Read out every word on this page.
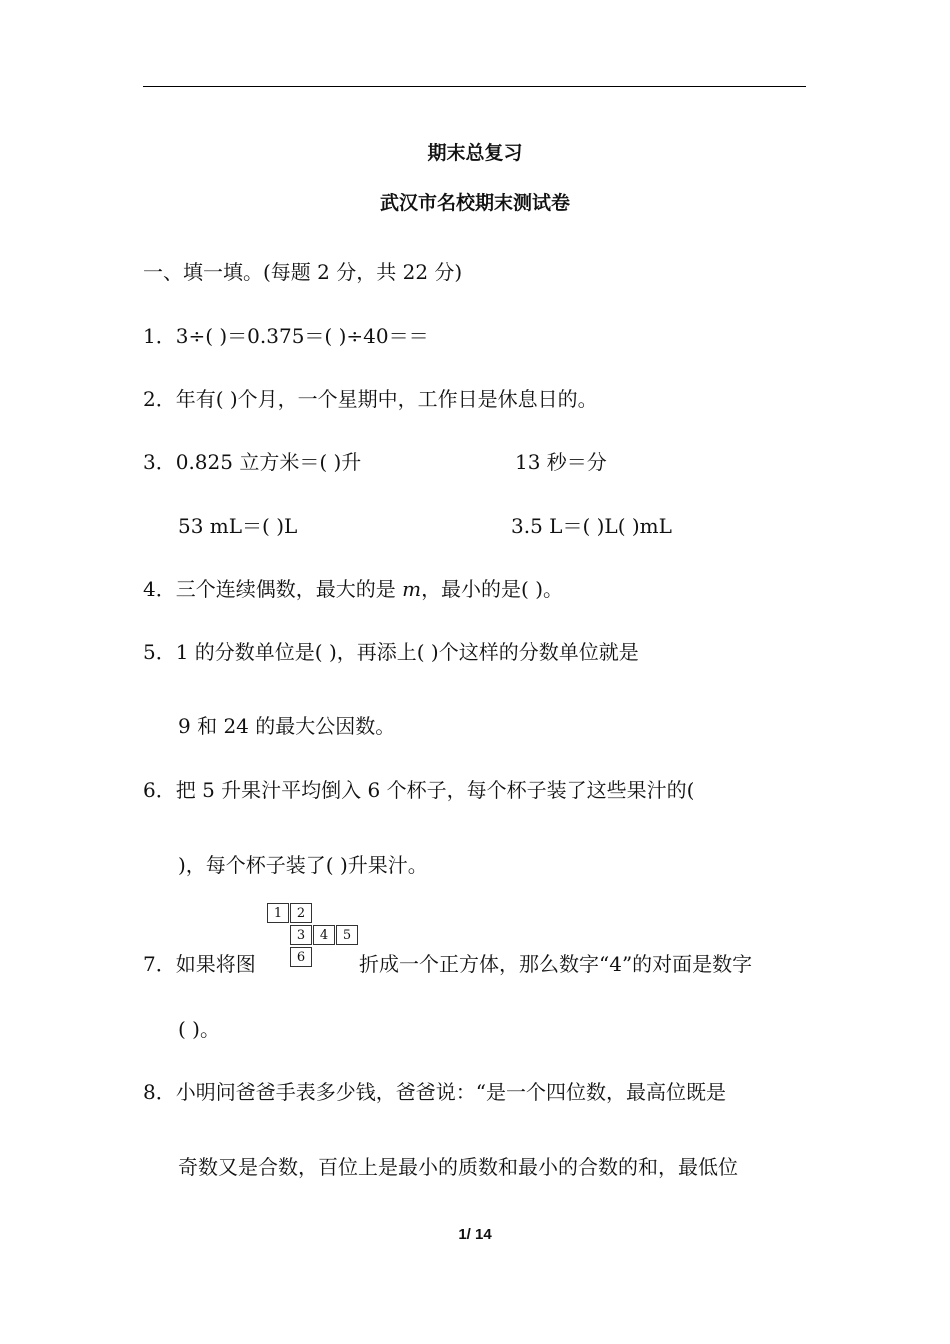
期末总复习
武汉市名校期末测试卷
一、填一填。(每题 2 分，共 22 分)
1．3÷( )＝0.375＝( )÷40＝＝
2．年有( )个月，一个星期中，工作日是休息日的。
3．0.825 立方米＝( )升	13 秒＝分
53 mL＝( )L	3.5 L＝( )L( )mL
4．三个连续偶数，最大的是 m，最小的是( )。
5．1 的分数单位是( )，再添上( )个这样的分数单位就是
9 和 24 的最大公因数。
6．把 5 升果汁平均倒入 6 个杯子，每个杯子装了这些果汁的(
)，每个杯子装了( )升果汁。
1	2
3	4	5
6
7．如果将图	折成一个正方体，那么数字“4”的对面是数字
( )。
8．小明问爸爸手表多少钱，爸爸说：“是一个四位数，最高位既是
奇数又是合数，百位上是最小的质数和最小的合数的和，最低位
1/ 14
